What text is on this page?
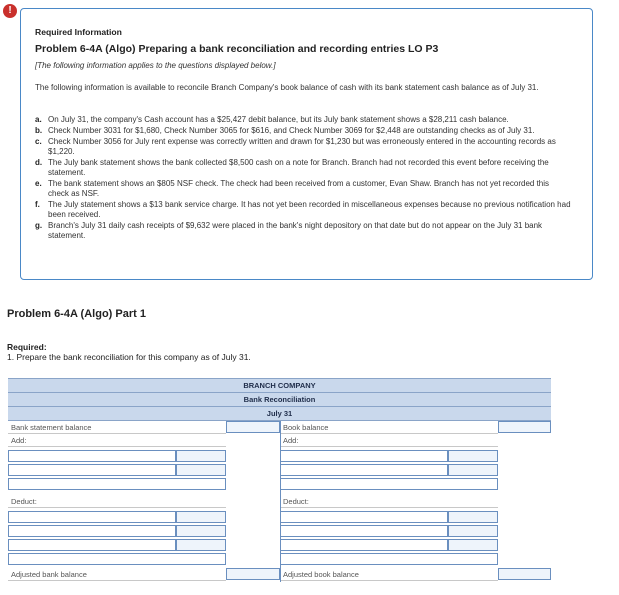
!
Required Information
Problem 6-4A (Algo) Preparing a bank reconciliation and recording entries LO P3
[The following information applies to the questions displayed below.]
The following information is available to reconcile Branch Company's book balance of cash with its bank statement cash balance as of July 31.
a. On July 31, the company's Cash account has a $25,427 debit balance, but its July bank statement shows a $28,211 cash balance.
b. Check Number 3031 for $1,680, Check Number 3065 for $616, and Check Number 3069 for $2,448 are outstanding checks as of July 31.
c. Check Number 3056 for July rent expense was correctly written and drawn for $1,230 but was erroneously entered in the accounting records as $1,220.
d. The July bank statement shows the bank collected $8,500 cash on a note for Branch. Branch had not recorded this event before receiving the statement.
e. The bank statement shows an $805 NSF check. The check had been received from a customer, Evan Shaw. Branch has not yet recorded this check as NSF.
f. The July statement shows a $13 bank service charge. It has not yet been recorded in miscellaneous expenses because no previous notification had been received.
g. Branch's July 31 daily cash receipts of $9,632 were placed in the bank's night depository on that date but do not appear on the July 31 bank statement.
Problem 6-4A (Algo) Part 1
Required:
1. Prepare the bank reconciliation for this company as of July 31.
BRANCH COMPANY
Bank Reconciliation
July 31
Bank statement balance
Add:
Deduct:
Adjusted bank balance
Book balance
Add:
Deduct:
Adjusted book balance
